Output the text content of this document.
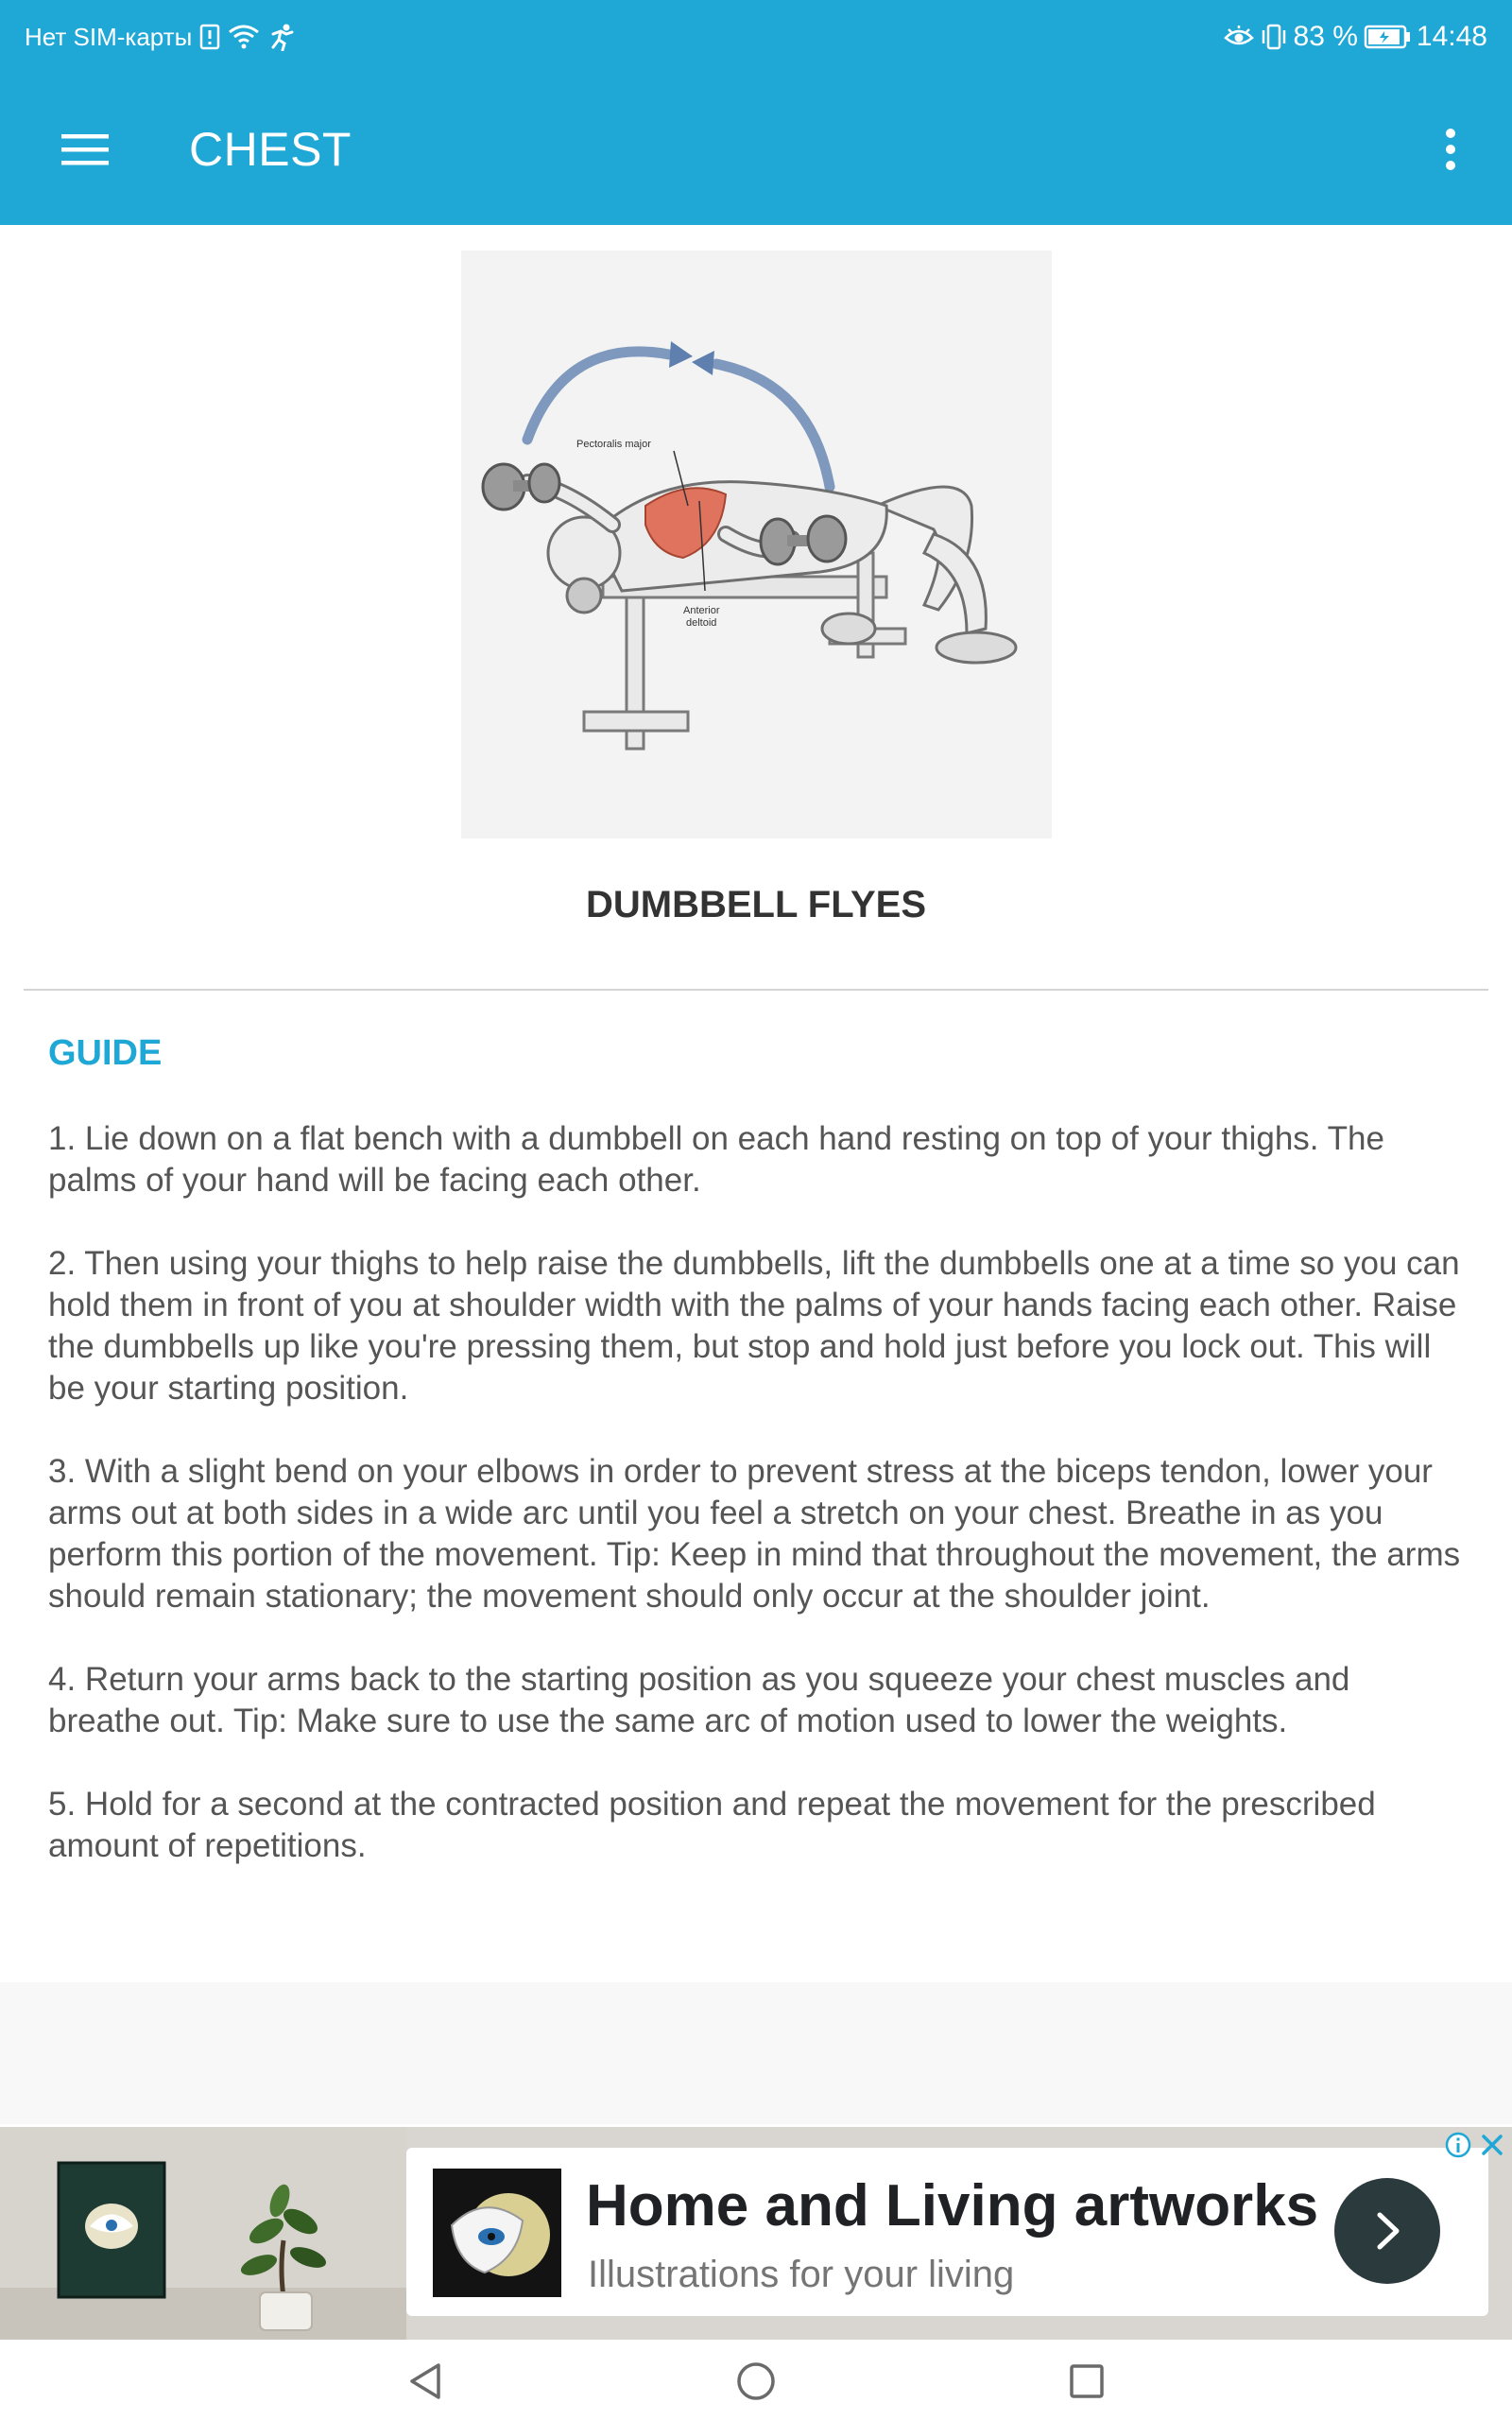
Нет SIM-карты	83 % 14:48
CHEST
Pectoralis major
Anterior
deltoid
DUMBBELL FLYES
GUIDE

1. Lie down on a flat bench with a dumbbell on each hand resting on top of your thighs. The palms of your hand will be facing each other.

2. Then using your thighs to help raise the dumbbells, lift the dumbbells one at a time so you can hold them in front of you at shoulder width with the palms of your hands facing each other. Raise the dumbbells up like you're pressing them, but stop and hold just before you lock out. This will be your starting position.

3. With a slight bend on your elbows in order to prevent stress at the biceps tendon, lower your arms out at both sides in a wide arc until you feel a stretch on your chest. Breathe in as you perform this portion of the movement. Tip: Keep in mind that throughout the movement, the arms should remain stationary; the movement should only occur at the shoulder joint.

4. Return your arms back to the starting position as you squeeze your chest muscles and breathe out. Tip: Make sure to use the same arc of motion used to lower the weights.

5. Hold for a second at the contracted position and repeat the movement for the prescribed amount of repetitions.

Home and Living artworks
Illustrations for your living
